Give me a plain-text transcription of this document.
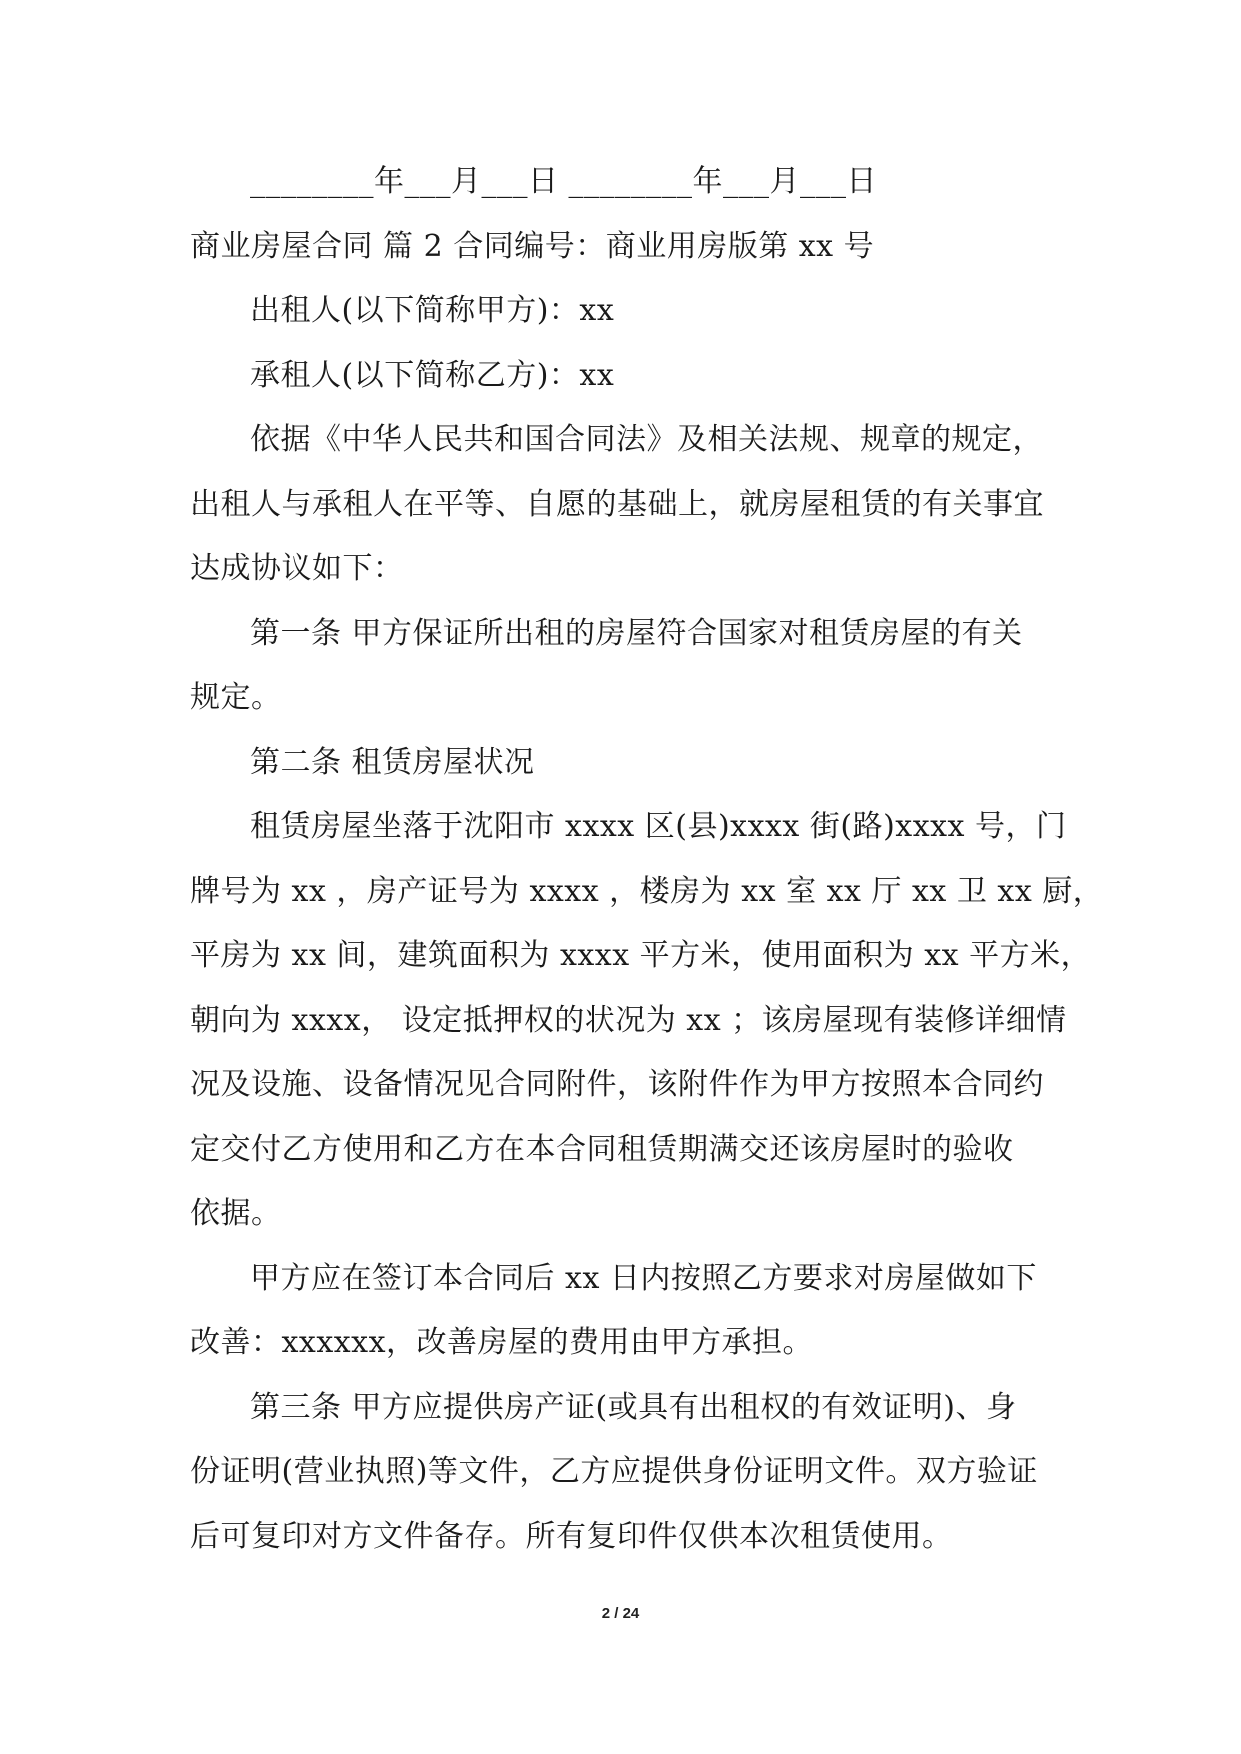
________年___月___日 ________年___月___日
商业房屋合同 篇 2 合同编号：商业用房版第 xx 号
出租人(以下简称甲方)：xx
承租人(以下简称乙方)：xx
依据《中华人民共和国合同法》及相关法规、规章的规定，
出租人与承租人在平等、自愿的基础上，就房屋租赁的有关事宜
达成协议如下：
第一条 甲方保证所出租的房屋符合国家对租赁房屋的有关
规定。
第二条 租赁房屋状况
租赁房屋坐落于沈阳市 xxxx 区(县)xxxx 街(路)xxxx 号，门
牌号为 xx ，房产证号为 xxxx ，楼房为 xx 室 xx 厅 xx 卫 xx 厨，
平房为 xx 间，建筑面积为 xxxx 平方米，使用面积为 xx 平方米，
朝向为 xxxx， 设定抵押权的状况为 xx ；该房屋现有装修详细情
况及设施、设备情况见合同附件，该附件作为甲方按照本合同约
定交付乙方使用和乙方在本合同租赁期满交还该房屋时的验收
依据。
甲方应在签订本合同后 xx 日内按照乙方要求对房屋做如下
改善：xxxxxx，改善房屋的费用由甲方承担。
第三条 甲方应提供房产证(或具有出租权的有效证明)、身
份证明(营业执照)等文件，乙方应提供身份证明文件。双方验证
后可复印对方文件备存。所有复印件仅供本次租赁使用。
2 / 24
